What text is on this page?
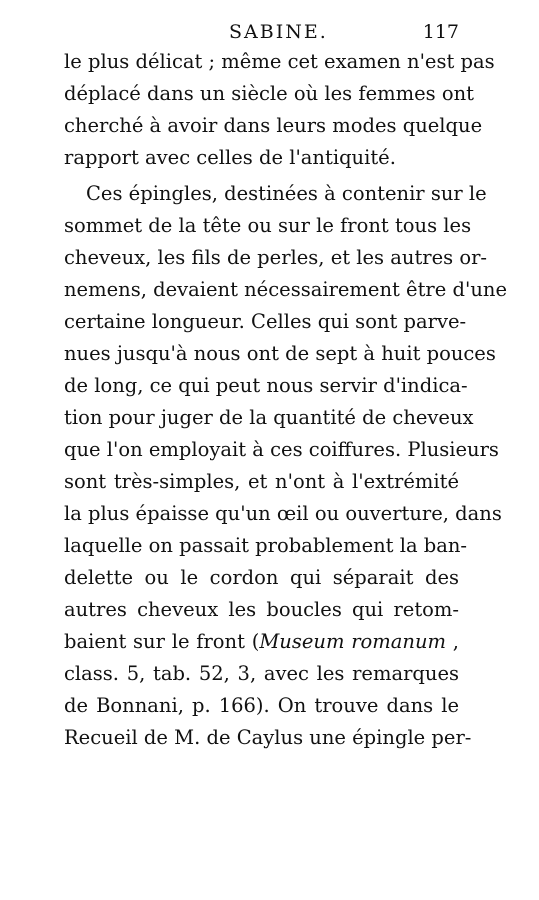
SABINE.	117
le plus délicat ; même cet examen n'est pas
déplacé dans un siècle où les femmes ont
cherché à avoir dans leurs modes quelque
rapport avec celles de l'antiquité.
Ces épingles, destinées à contenir sur le
sommet de la tête ou sur le front tous les
cheveux, les fils de perles, et les autres or-
nemens, devaient nécessairement être d'une
certaine longueur. Celles qui sont parve-
nues jusqu'à nous ont de sept à huit pouces
de long, ce qui peut nous servir d'indica-
tion pour juger de la quantité de cheveux
que l'on employait à ces coiffures. Plusieurs
sont très-simples, et n'ont à l'extrémité
la plus épaisse qu'un œil ou ouverture, dans
laquelle on passait probablement la ban-
delette ou le cordon qui séparait des
autres cheveux les boucles qui retom-
baient sur le front (Museum romanum ,
class. 5, tab. 52, 3, avec les remarques
de Bonnani, p. 166). On trouve dans le
Recueil de M. de Caylus une épingle per-
